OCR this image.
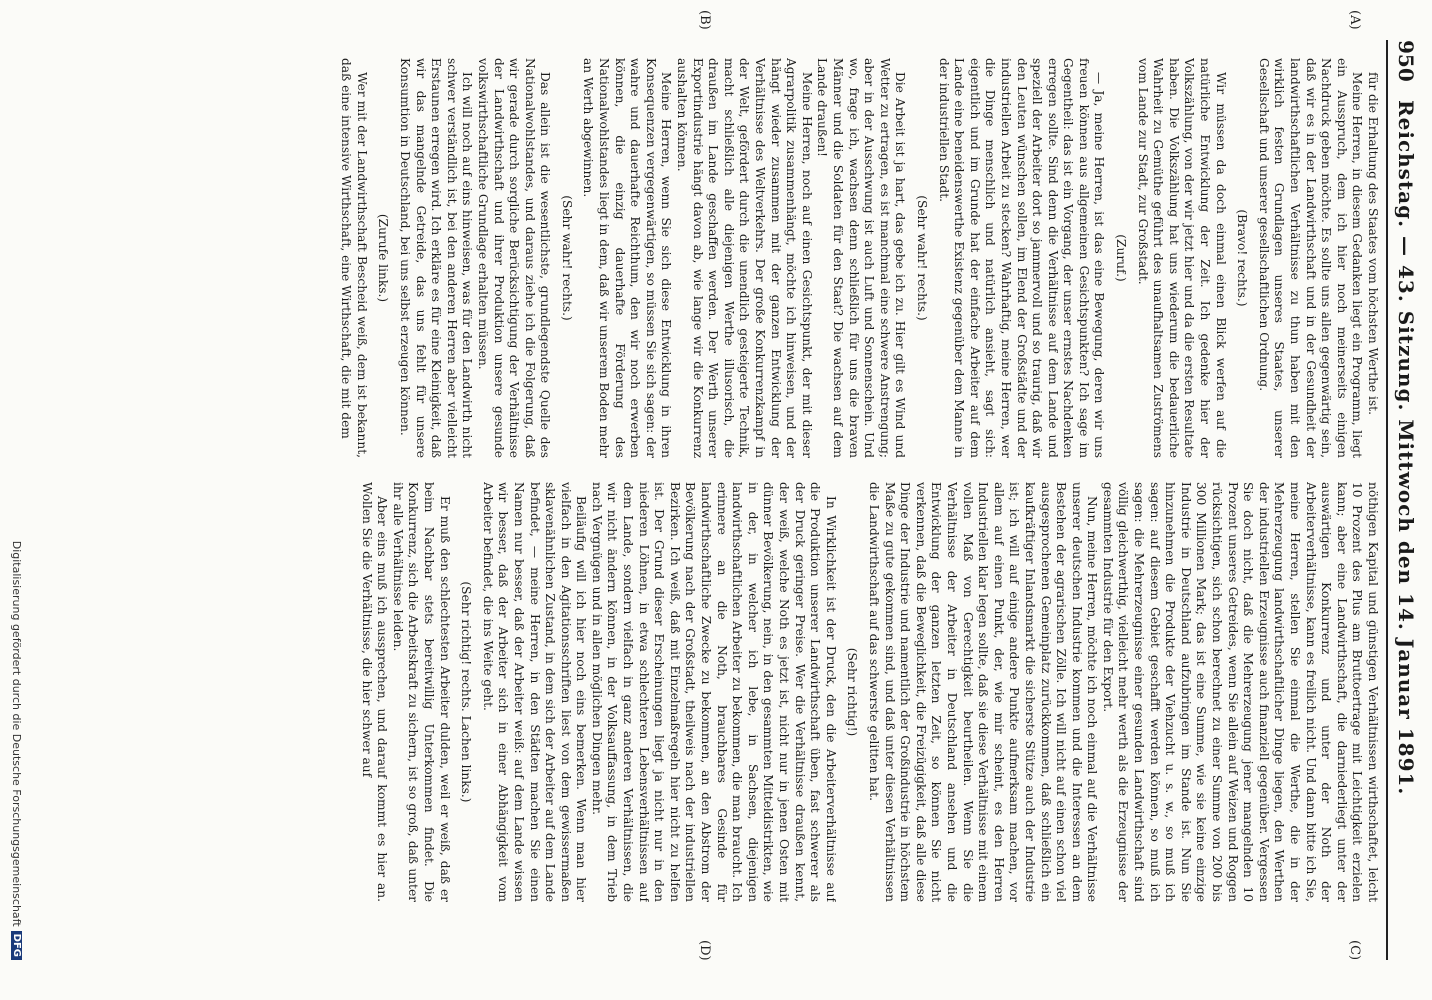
950
Reichstag. — 43. Sitzung. Mittwoch den 14. Januar 1891.
(A)
(B)
(C)
(D)

für die Erhaltung des Staates vom höchsten Werthe ist.

Meine Herren, in diesem Gedanken liegt ein Programm, liegt ein Ausspruch, dem ich hier noch meinerseits einigen Nachdruck geben möchte. Es sollte uns allen gegenwärtig sein, daß wir es in der Landwirthschaft und in der Gesundheit der landwirthschaftlichen Verhältnisse zu thun haben mit den wirklich festen Grundlagen unseres Staates, unserer Gesellschaft und unserer gesellschaftlichen Ordnung.

(Bravo! rechts.)

Wir müssen da doch einmal einen Blick werfen auf die natürliche Entwicklung der Zeit. Ich gedenke hier der Volkszählung, von der wir jetzt hier und da die ersten Resultate haben. Die Volkszählung hat uns wiederum die bedauerliche Wahrheit zu Gemüthe geführt des unaufhaltsamen Zuströmens vom Lande zur Stadt, zur Großstadt.

(Zuruf.)

— Ja, meine Herren, ist das eine Bewegung, deren wir uns freuen können aus allgemeinen Gesichtspunkten? Ich sage im Gegentheil: das ist ein Vorgang, der unser ernstes Nachdenken erregen sollte. Sind denn die Verhältnisse auf dem Lande und speziell der Arbeiter dort so jammervoll und so traurig, daß wir den Leuten wünschen sollen, im Elend der Großstädte und der industriellen Arbeit zu stecken? Wahrhaftig, meine Herren, wer die Dinge menschlich und natürlich ansieht, sagt sich: eigentlich und im Grunde hat der einfache Arbeiter auf dem Lande eine beneidenswerthe Existenz gegenüber dem Manne in der industriellen Stadt.

(Sehr wahr! rechts.)

Die Arbeit ist ja hart, das gebe ich zu. Hier gilt es Wind und Wetter zu ertragen, es ist manchmal eine schwere Anstrengung; aber in der Ausschwung ist auch Luft und Sonnenschein. Und wo, frage ich, wachsen denn schließlich für uns die braven Männer und die Soldaten für den Staat? Die wachsen auf dem Lande draußen!

Meine Herren, noch auf einen Gesichtspunkt, der mit dieser Agrarpolitik zusammenhängt, möchte ich hinweisen, und der hängt wieder zusammen mit der ganzen Entwicklung der Verhältnisse des Weltverkehrs. Der große Konkurrenzkampf in der Welt, gefördert durch die unendlich gesteigerte Technik, macht schließlich alle diejenigen Werthe illusorisch, die draußen im Lande geschaffen werden. Der Werth unserer Exportindustrie hängt davon ab, wie lange wir die Konkurrenz aushalten können.

Meine Herren, wenn Sie sich diese Entwicklung in ihren Konsequenzen vergegenwärtigen, so müssen Sie sich sagen: der wahre und dauerhafte Reichthum, den wir noch erwerben können, die einzig dauerhafte Förderung des Nationalwohlstandes liegt in dem, daß wir unserem Boden mehr an Werth abgewinnen.

(Sehr wahr! rechts.)

Das allein ist die wesentlichste, grundlegendste Quelle des Nationalwohlstandes, und daraus ziehe ich die Folgerung, daß wir gerade durch sorgliche Berücksichtigung der Verhältnisse der Landwirthschaft und ihrer Produktion unsere gesunde volkswirthschaftliche Grundlage erhalten müssen.

Ich will noch auf eins hinweisen, was für den Landwirth nicht schwer verständlich ist, bei den anderen Herren aber vielleicht Erstaunen erregen wird. Ich erkläre es für eine Kleinigkeit, daß wir das mangelnde Getreide, das uns fehlt für unsere Konsumtion in Deutschland, bei uns selbst erzeugen können.

(Zurufe links.)

Wer mit der Landwirthschaft Bescheid weiß, dem ist bekannt, daß eine intensive Wirthschaft, eine Wirthschaft, die mit dem

nöthigen Kapital und günstigen Verhältnissen wirthschaftet, leicht 10 Prozent des Plus am Bruttoertrage mit Leichtigkeit erzielen kann; aber eine Landwirthschaft, die darniederliegt unter der auswärtigen Konkurrenz und unter der Noth der Arbeiterverhältnisse, kann es freilich nicht. Und dann bitte ich Sie, meine Herren, stellen Sie einmal die Werthe, die in der Mehrerzeugung landwirthschaftlicher Dinge liegen, den Werthen der industriellen Erzeugnisse auch finanziell gegenüber. Vergessen Sie doch nicht, daß die Mehrerzeugung jener mangelnden 10 Prozent unseres Getreides, wenn Sie allein auf Weizen und Roggen rücksichtigen, sich schon berechnet zu einer Summe von 200 bis 300 Millionen Mark; das ist eine Summe, wie sie keine einzige Industrie in Deutschland aufzubringen im Stande ist. Nun Sie hinzunehmen die Produkte der Viehzucht u. s. w., so muß ich sagen: auf diesem Gebiet geschafft werden können, so muß ich sagen: die Mehrerzeugnisse einer gesunden Landwirthschaft sind völlig gleichwerthig, vielleicht mehr werth als die Erzeugnisse der gesammten Industrie für den Export.

Nun, meine Herren, möchte ich noch einmal auf die Verhältnisse unserer deutschen Industrie kommen und die Interessen an dem Bestehen der agrarischen Zölle. Ich will nicht auf einen schon viel ausgesprochenen Gemeinplatz zurückkommen, daß schließlich ein kaufkräftiger Inlandsmarkt die sicherste Stütze auch der Industrie ist; ich will auf einige andere Punkte aufmerksam machen, vor allem auf einen Punkt, der, wie mir scheint, es den Herren Industriellen klar legen sollte, daß sie diese Verhältnisse mit einem vollen Maß von Gerechtigkeit beurtheilen. Wenn Sie die Verhältnisse der Arbeiter in Deutschland ansehen und die Entwicklung der ganzen letzten Zeit, so können Sie nicht verkennen, daß die Beweglichkeit, die Freizügigkeit, daß alle diese Dinge der Industrie und namentlich der Großindustrie in höchstem Maße zu gute gekommen sind, und daß unter diesen Verhältnissen die Landwirthschaft auf das schwerste gelitten hat.

(Sehr richtig!)

In Wirklichkeit ist der Druck, den die Arbeiterverhältnisse auf die Produktion unserer Landwirthschaft üben, fast schwerer als der Druck geringer Preise. Wer die Verhältnisse draußen kennt, der weiß, welche Noth es jetzt ist, nicht nur in jenen Osten mit dünner Bevölkerung, nein, in den gesammten Mitteldistrikten, wie in der, in welcher ich lebe, in Sachsen, diejenigen landwirthschaftlichen Arbeiter zu bekommen, die man braucht. Ich erinnere an die Noth, brauchbares Gesinde für landwirthschaftliche Zwecke zu bekommen, an den Abstrom der Bevölkerung nach der Großstadt, theilweis nach der industriellen Bezirken. Ich weiß, daß mit Einzelmaßregeln hier nicht zu helfen ist. Der Grund dieser Erscheinungen liegt ja nicht nur in den niederen Löhnen, in etwa schlechteren Lebensverhältnissen auf dem Lande, sondern vielfach in ganz anderen Verhältnissen, die wir nicht ändern können, in der Volksauffassung, in dem Trieb nach Vergnügen und in allen möglichen Dingen mehr.

Beiläufig will ich hier noch eins bemerken. Wenn man hier vielfach in den Agitationsschriften liest von dem gewissermaßen sklavenähnlichen Zustand, in dem sich der Arbeiter auf dem Lande befindet, — meine Herren, in den Städten machen Sie einen Namen nur besser, daß der Arbeiter weiß: auf dem Lande wissen wir besser, daß der Arbeiter sich in einer Abhängigkeit vom Arbeiter befindet, die ins Weite geht.

(Sehr richtig! rechts. Lachen links.)

Er muß den schlechtesten Arbeiter dulden, weil er weiß, daß er beim Nachbar stets bereitwillig Unterkommen findet. Die Konkurrenz, sich die Arbeitskraft zu sichern, ist so groß, daß unter ihr alle Verhältnisse leiden.

Aber eins muß ich aussprechen, und darauf kommt es hier an. Wollen Sie die Verhältnisse, die hier schwer auf

Digitalisierung gefördert durch die Deutsche Forschungsgemeinschaft
DFG
